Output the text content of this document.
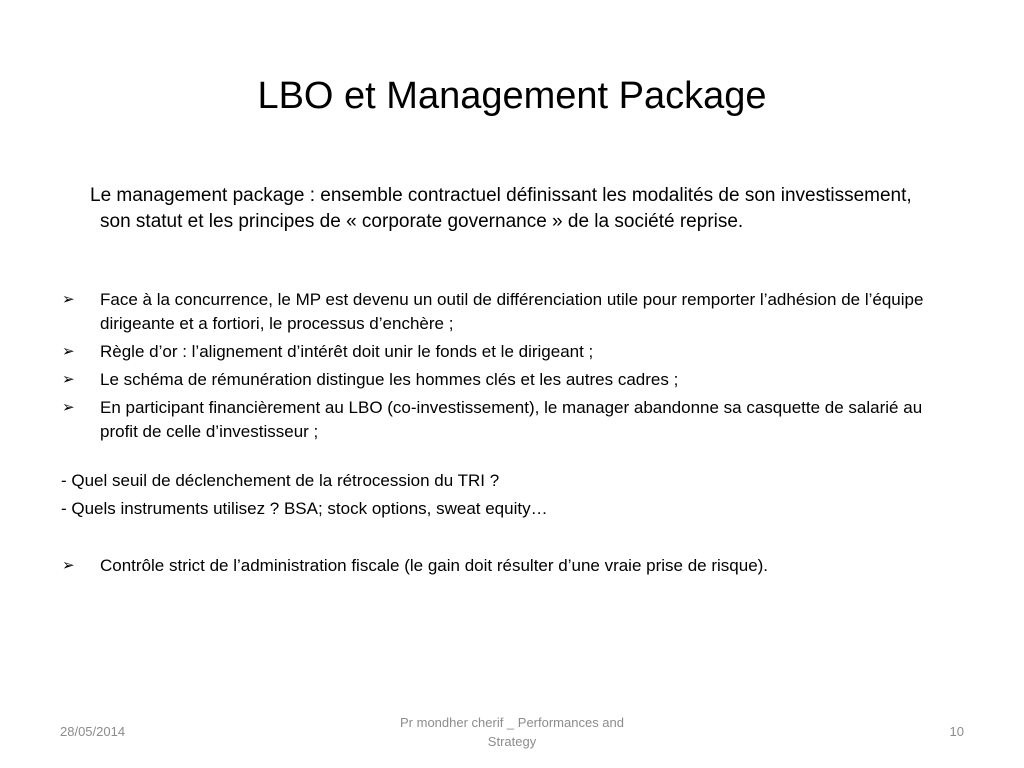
LBO et Management Package
Le management package : ensemble contractuel définissant les modalités de son investissement, son statut et les principes de « corporate governance » de la société reprise.
➢	Face à la concurrence, le MP est devenu un outil de différenciation utile pour remporter l’adhésion de l’équipe dirigeante et a fortiori, le processus d’enchère ;
➢	Règle d’or : l’alignement d’intérêt doit unir le fonds et le dirigeant ;
➢	Le schéma de rémunération distingue les hommes clés et les autres cadres ;
➢	En participant financièrement au LBO (co-investissement), le manager abandonne sa casquette de salarié au profit de celle d’investisseur ;
- Quel seuil de déclenchement de la rétrocession du TRI ?
- Quels instruments utilisez ? BSA; stock options, sweat equity…
➢	Contrôle strict de l’administration fiscale (le gain doit résulter d’une vraie prise de risque).
28/05/2014
Pr mondher cherif _ Performances and
Strategy
10
